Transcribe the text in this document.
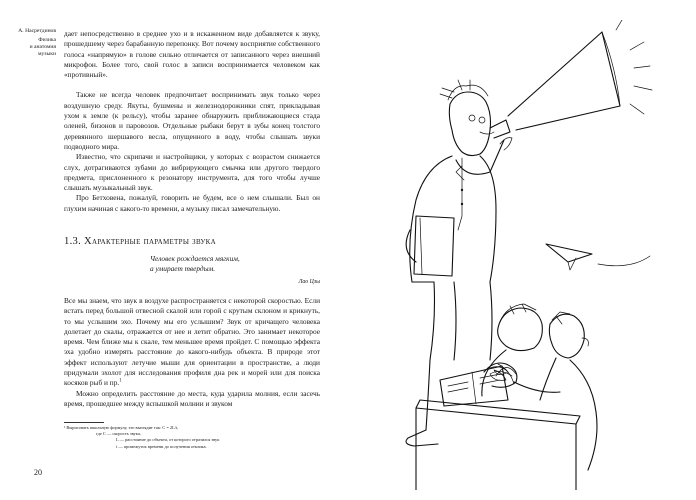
А. Насретдинов
Физика
и анатомия
музыки

дает непосредственно в среднее ухо и в искаженном виде добавляется к звуку, прошедшему через барабанную перепонку. Вот почему восприятие собственного голоса «напрямую» в голове сильно отличается от записанного через внешний микрофон. Более того, свой голос в записи воспринимается человеком как «противный».

Также не всегда человек предпочитает воспринимать звук только через воздушную среду. Якуты, бушмены и железнодорожники спят, прикладывая ухом к земле (к рельсу), чтобы заранее обнаружить приближающиеся стада оленей, бизонов и паровозов. Отдельные рыбаки берут в зубы конец толстого деревянного шершавого весла, опущенного в воду, чтобы слышать звуки подводного мира.

Известно, что скрипачи и настройщики, у которых с возрастом снижается слух, дотрагиваются зубами до вибрирующего смычка или другого твердого предмета, прислоненного к резонатору инструмента, для того чтобы лучше слышать музыкальный звук.

Про Бетховена, пожалуй, говорить не будем, все о нем слышали. Был он глухим начиная с какого-то времени, а музыку писал замечательную.

1.3. Характерные параметры звука
Человек рождается мягким,
а умирает твердым.
Лао Цзы

Все мы знаем, что звук в воздухе распространяется с некоторой скоростью. Если встать перед большой отвесной скалой или горой с крутым склоном и крикнуть, то мы услышим эхо. Почему мы его услышим? Звук от кричащего человека долетает до скалы, отражается от нее и летит обратно. Это занимает некоторое время. Чем ближе мы к скале, тем меньшее время пройдет. С помощью эффекта эха удобно измерять расстояние до какого-нибудь объекта. В природе этот эффект используют летучие мыши для ориентации в пространстве, а люди придумали эхолот для исследования профиля дна рек и морей или для поиска косяков рыб и пр.$^1$

Можно определить расстояние до места, куда ударила молния, если засечь время, прошедшее между вспышкой молнии и звуком

¹ Вырисовать школьную формулу, это выглядит так: C = 2L/t,
где C — скорость звука,
L — расстояние до объекта, от которого отразился звук
t — промежуток времени до получения отклика.
20
